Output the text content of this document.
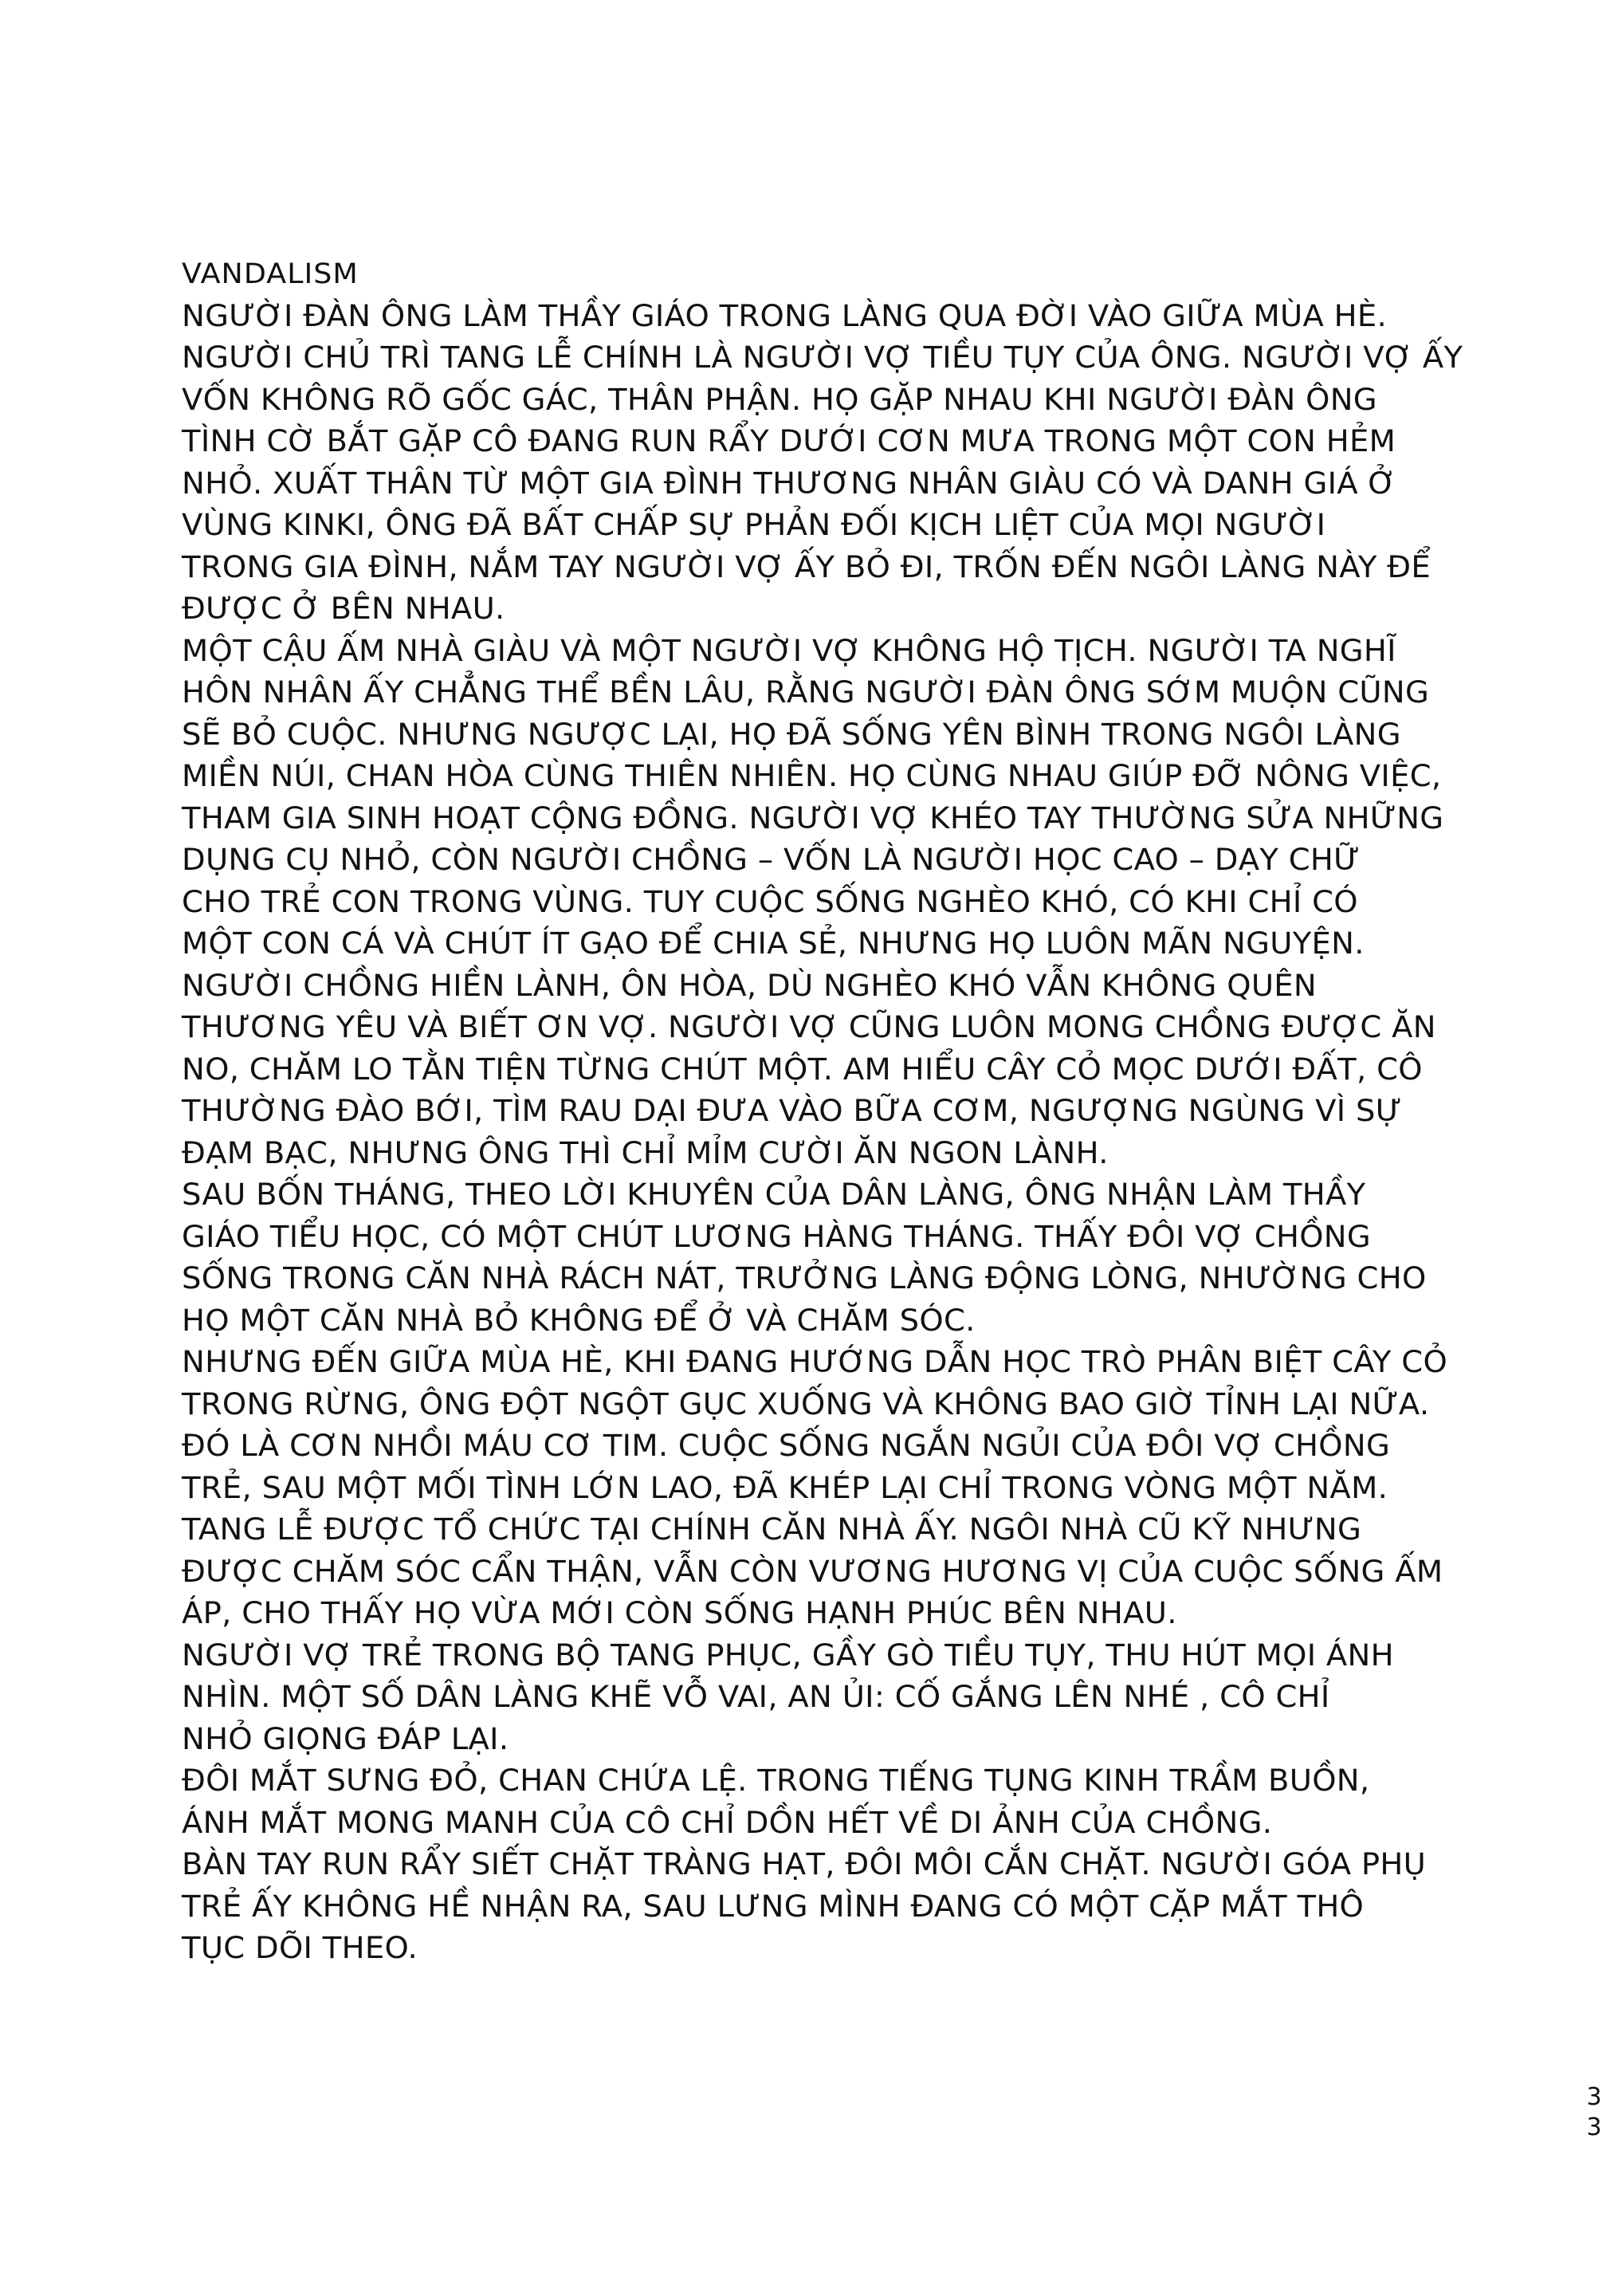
VANDALISM
NGƯỜI ĐÀN ÔNG LÀM THẦY GIÁO TRONG LÀNG QUA ĐỜI VÀO GIỮA MÙA HÈ.
NGƯỜI CHỦ TRÌ TANG LỄ CHÍNH LÀ NGƯỜI VỢ TIỀU TỤY CỦA ÔNG. NGƯỜI VỢ ẤY
VỐN KHÔNG RÕ GỐC GÁC, THÂN PHẬN. HỌ GẶP NHAU KHI NGƯỜI ĐÀN ÔNG
TÌNH CỜ BẮT GẶP CÔ ĐANG RUN RẨY DƯỚI CƠN MƯA TRONG MỘT CON HẺM
NHỎ. XUẤT THÂN TỪ MỘT GIA ĐÌNH THƯƠNG NHÂN GIÀU CÓ VÀ DANH GIÁ Ở
VÙNG KINKI, ÔNG ĐÃ BẤT CHẤP SỰ PHẢN ĐỐI KỊCH LIỆT CỦA MỌI NGƯỜI
TRONG GIA ĐÌNH, NẮM TAY NGƯỜI VỢ ẤY BỎ ĐI, TRỐN ĐẾN NGÔI LÀNG NÀY ĐỂ
ĐƯỢC Ở BÊN NHAU.
MỘT CẬU ẤM NHÀ GIÀU VÀ MỘT NGƯỜI VỢ KHÔNG HỘ TỊCH. NGƯỜI TA NGHĨ
HÔN NHÂN ẤY CHẲNG THỂ BỀN LÂU, RẰNG NGƯỜI ĐÀN ÔNG SỚM MUỘN CŨNG
SẼ BỎ CUỘC. NHƯNG NGƯỢC LẠI, HỌ ĐÃ SỐNG YÊN BÌNH TRONG NGÔI LÀNG
MIỀN NÚI, CHAN HÒA CÙNG THIÊN NHIÊN. HỌ CÙNG NHAU GIÚP ĐỠ NÔNG VIỆC,
THAM GIA SINH HOẠT CỘNG ĐỒNG. NGƯỜI VỢ KHÉO TAY THƯỜNG SỬA NHỮNG
DỤNG CỤ NHỎ, CÒN NGƯỜI CHỒNG – VỐN LÀ NGƯỜI HỌC CAO – DẠY CHỮ
CHO TRẺ CON TRONG VÙNG. TUY CUỘC SỐNG NGHÈO KHÓ, CÓ KHI CHỈ CÓ
MỘT CON CÁ VÀ CHÚT ÍT GẠO ĐỂ CHIA SẺ, NHƯNG HỌ LUÔN MÃN NGUYỆN.
NGƯỜI CHỒNG HIỀN LÀNH, ÔN HÒA, DÙ NGHÈO KHÓ VẪN KHÔNG QUÊN
THƯƠNG YÊU VÀ BIẾT ƠN VỢ. NGƯỜI VỢ CŨNG LUÔN MONG CHỒNG ĐƯỢC ĂN
NO, CHĂM LO TẰN TIỆN TỪNG CHÚT MỘT. AM HIỂU CÂY CỎ MỌC DƯỚI ĐẤT, CÔ
THƯỜNG ĐÀO BỚI, TÌM RAU DẠI ĐƯA VÀO BỮA CƠM, NGƯỢNG NGÙNG VÌ SỰ
ĐẠM BẠC, NHƯNG ÔNG THÌ CHỈ MỈM CƯỜI ĂN NGON LÀNH.
SAU BỐN THÁNG, THEO LỜI KHUYÊN CỦA DÂN LÀNG, ÔNG NHẬN LÀM THẦY
GIÁO TIỂU HỌC, CÓ MỘT CHÚT LƯƠNG HÀNG THÁNG. THẤY ĐÔI VỢ CHỒNG
SỐNG TRONG CĂN NHÀ RÁCH NÁT, TRƯỞNG LÀNG ĐỘNG LÒNG, NHƯỜNG CHO
HỌ MỘT CĂN NHÀ BỎ KHÔNG ĐỂ Ở VÀ CHĂM SÓC.
NHƯNG ĐẾN GIỮA MÙA HÈ, KHI ĐANG HƯỚNG DẪN HỌC TRÒ PHÂN BIỆT CÂY CỎ
TRONG RỪNG, ÔNG ĐỘT NGỘT GỤC XUỐNG VÀ KHÔNG BAO GIỜ TỈNH LẠI NỮA.
ĐÓ LÀ CƠN NHỒI MÁU CƠ TIM. CUỘC SỐNG NGẮN NGỦI CỦA ĐÔI VỢ CHỒNG
TRẺ, SAU MỘT MỐI TÌNH LỚN LAO, ĐÃ KHÉP LẠI CHỈ TRONG VÒNG MỘT NĂM.
TANG LỄ ĐƯỢC TỔ CHỨC TẠI CHÍNH CĂN NHÀ ẤY. NGÔI NHÀ CŨ KỸ NHƯNG
ĐƯỢC CHĂM SÓC CẨN THẬN, VẪN CÒN VƯƠNG HƯƠNG VỊ CỦA CUỘC SỐNG ẤM
ÁP, CHO THẤY HỌ VỪA MỚI CÒN SỐNG HẠNH PHÚC BÊN NHAU.
NGƯỜI VỢ TRẺ TRONG BỘ TANG PHỤC, GẦY GÒ TIỀU TỤY, THU HÚT MỌI ÁNH
NHÌN. MỘT SỐ DÂN LÀNG KHẼ VỖ VAI, AN ỦI: CỐ GẮNG LÊN NHÉ , CÔ CHỈ
NHỎ GIỌNG ĐÁP LẠI.
ĐÔI MẮT SƯNG ĐỎ, CHAN CHỨA LỆ. TRONG TIẾNG TỤNG KINH TRẦM BUỒN,
ÁNH MẮT MONG MANH CỦA CÔ CHỈ DỒN HẾT VỀ DI ẢNH CỦA CHỒNG.
BÀN TAY RUN RẨY SIẾT CHẶT TRÀNG HẠT, ĐÔI MÔI CẮN CHẶT. NGƯỜI GÓA PHỤ
TRẺ ẤY KHÔNG HỀ NHẬN RA, SAU LƯNG MÌNH ĐANG CÓ MỘT CẶP MẮT THÔ
TỤC DÕI THEO.
33
